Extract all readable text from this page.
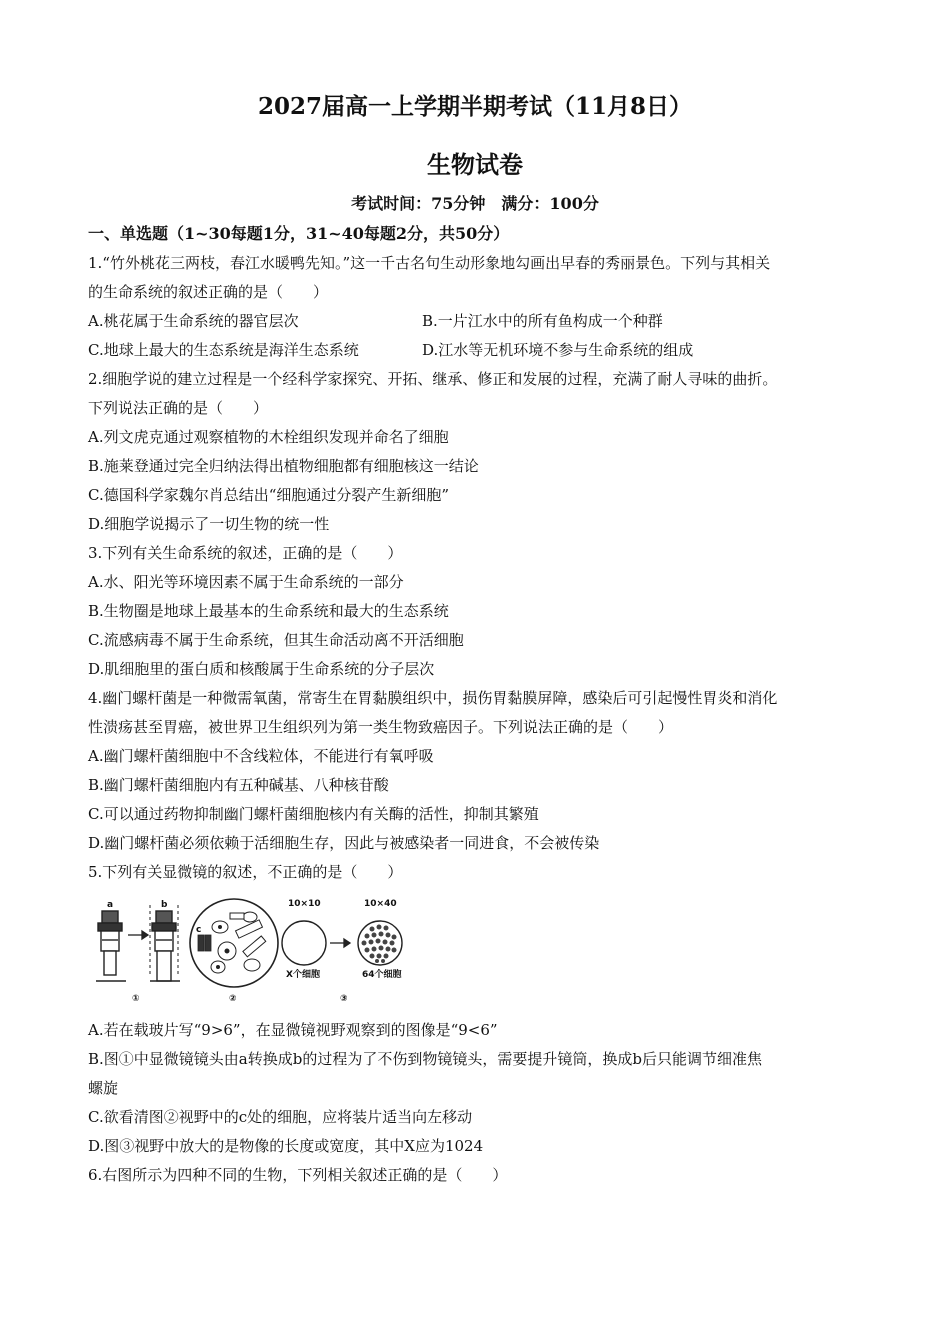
2027届高一上学期半期考试（11月8日）
生物试卷
考试时间：75分钟　满分：100分
一、单选题（1~30每题1分，31~40每题2分，共50分）
1.“竹外桃花三两枝，春江水暖鸭先知。”这一千古名句生动形象地勾画出早春的秀丽景色。下列与其相关
的生命系统的叙述正确的是（　　）
A.桃花属于生命系统的器官层次	B.一片江水中的所有鱼构成一个种群
C.地球上最大的生态系统是海洋生态系统	D.江水等无机环境不参与生命系统的组成
2.细胞学说的建立过程是一个经科学家探究、开拓、继承、修正和发展的过程，充满了耐人寻味的曲折。
下列说法正确的是（　　）
A.列文虎克通过观察植物的木栓组织发现并命名了细胞
B.施莱登通过完全归纳法得出植物细胞都有细胞核这一结论
C.德国科学家魏尔肖总结出“细胞通过分裂产生新细胞”
D.细胞学说揭示了一切生物的统一性
3.下列有关生命系统的叙述，正确的是（　　）
A.水、阳光等环境因素不属于生命系统的一部分
B.生物圈是地球上最基本的生命系统和最大的生态系统
C.流感病毒不属于生命系统，但其生命活动离不开活细胞
D.肌细胞里的蛋白质和核酸属于生命系统的分子层次
4.幽门螺杆菌是一种微需氧菌，常寄生在胃黏膜组织中，损伤胃黏膜屏障，感染后可引起慢性胃炎和消化
性溃疡甚至胃癌，被世界卫生组织列为第一类生物致癌因子。下列说法正确的是（　　）
A.幽门螺杆菌细胞中不含线粒体，不能进行有氧呼吸
B.幽门螺杆菌细胞内有五种碱基、八种核苷酸
C.可以通过药物抑制幽门螺杆菌细胞核内有关酶的活性，抑制其繁殖
D.幽门螺杆菌必须依赖于活细胞生存，因此与被感染者一同进食，不会被传染
5.下列有关显微镜的叙述，不正确的是（　　）
a	b
①
c
②
10×10
X个细胞
10×40
64个细胞
③
A.若在载玻片写“9>6”，在显微镜视野观察到的图像是“9<6”
B.图①中显微镜镜头由a转换成b的过程为了不伤到物镜镜头，需要提升镜筒，换成b后只能调节细准焦
螺旋
C.欲看清图②视野中的c处的细胞，应将装片适当向左移动
D.图③视野中放大的是物像的长度或宽度，其中X应为1024
6.右图所示为四种不同的生物，下列相关叙述正确的是（　　）
